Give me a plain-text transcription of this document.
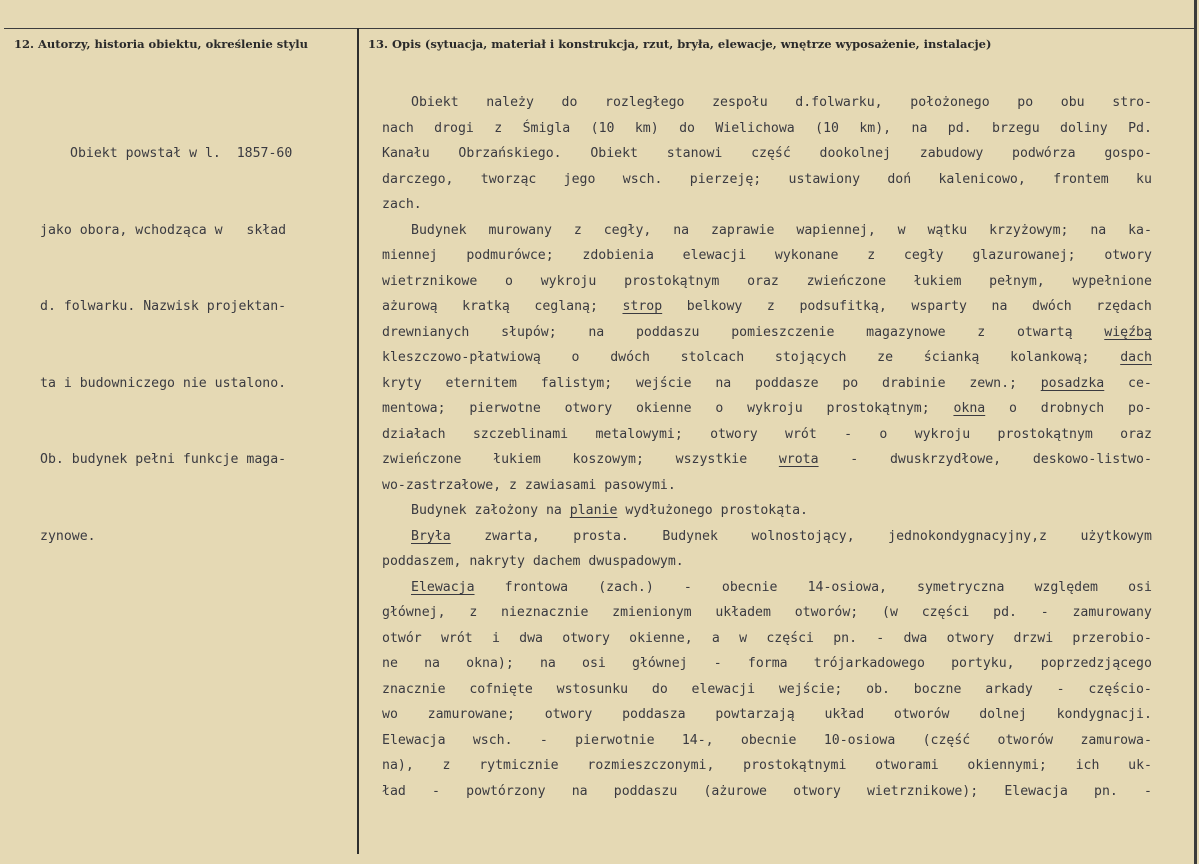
12. Autorzy, historia obiektu, określenie stylu	13. Opis (sytuacja, materiał i konstrukcja, rzut, bryła, elewacje, wnętrze wyposażenie, instalacje)

Obiekt powstał w l.  1857-60

jako obora, wchodząca w   skład

d. folwarku. Nazwisk projektan-

ta i budowniczego nie ustalono.

Ob. budynek pełni funkcje maga-

zynowe.

Obiekt należy do rozległego zespołu d.folwarku, położonego po obu stro-
nach drogi z Śmigla (10 km) do Wielichowa (10 km), na pd. brzegu doliny Pd.
Kanału Obrzańskiego. Obiekt stanowi część dookolnej zabudowy podwórza gospo-
darczego, tworząc jego wsch. pierzeję; ustawiony doń kalenicowo, frontem ku
zach.
Budynek murowany z cegły, na zaprawie wapiennej, w wątku krzyżowym; na ka-
miennej podmurówce; zdobienia elewacji wykonane z cegły glazurowanej; otwory
wietrznikowe o wykroju prostokątnym oraz zwieńczone łukiem pełnym, wypełnione
ażurową kratką ceglaną; strop belkowy z podsufitką, wsparty na dwóch rzędach
drewnianych słupów; na poddaszu pomieszczenie magazynowe z otwartą więźbą
kleszczowo-płatwiową o dwóch stolcach stojących ze ścianką kolankową; dach
kryty eternitem falistym; wejście na poddasze po drabinie zewn.; posadzka ce-
mentowa; pierwotne otwory okienne o wykroju prostokątnym; okna o drobnych po-
działach szczeblinami metalowymi; otwory wrót - o wykroju prostokątnym oraz
zwieńczone łukiem koszowym; wszystkie wrota - dwuskrzydłowe, deskowo-listwo-
wo-zastrzałowe, z zawiasami pasowymi.
Budynek założony na planie wydłużonego prostokąta.
Bryła	zwarta,	prosta.	Budynek	wolnostojący,	jednokondygnacyjny,z	użytkowym
poddaszem, nakryty dachem dwuspadowym.
Elewacja frontowa (zach.) - obecnie 14-osiowa, symetryczna względem osi
głównej, z nieznacznie zmienionym układem otworów; (w części pd. - zamurowany
otwór wrót i dwa otwory okienne, a w części pn. - dwa otwory drzwi przerobio-
ne na okna); na osi głównej - forma trójarkadowego portyku, poprzedzjącego
znacznie cofnięte wstosunku do elewacji wejście; ob. boczne arkady - częścio-
wo zamurowane; otwory poddasza powtarzają układ otworów dolnej kondygnacji.
Elewacja wsch. - pierwotnie 14-, obecnie 10-osiowa (część otworów zamurowa-
na), z rytmicznie rozmieszczonymi, prostokątnymi otworami okiennymi; ich uk-
ład - powtórzony na poddaszu (ażurowe otwory wietrznikowe); Elewacja pn. -
